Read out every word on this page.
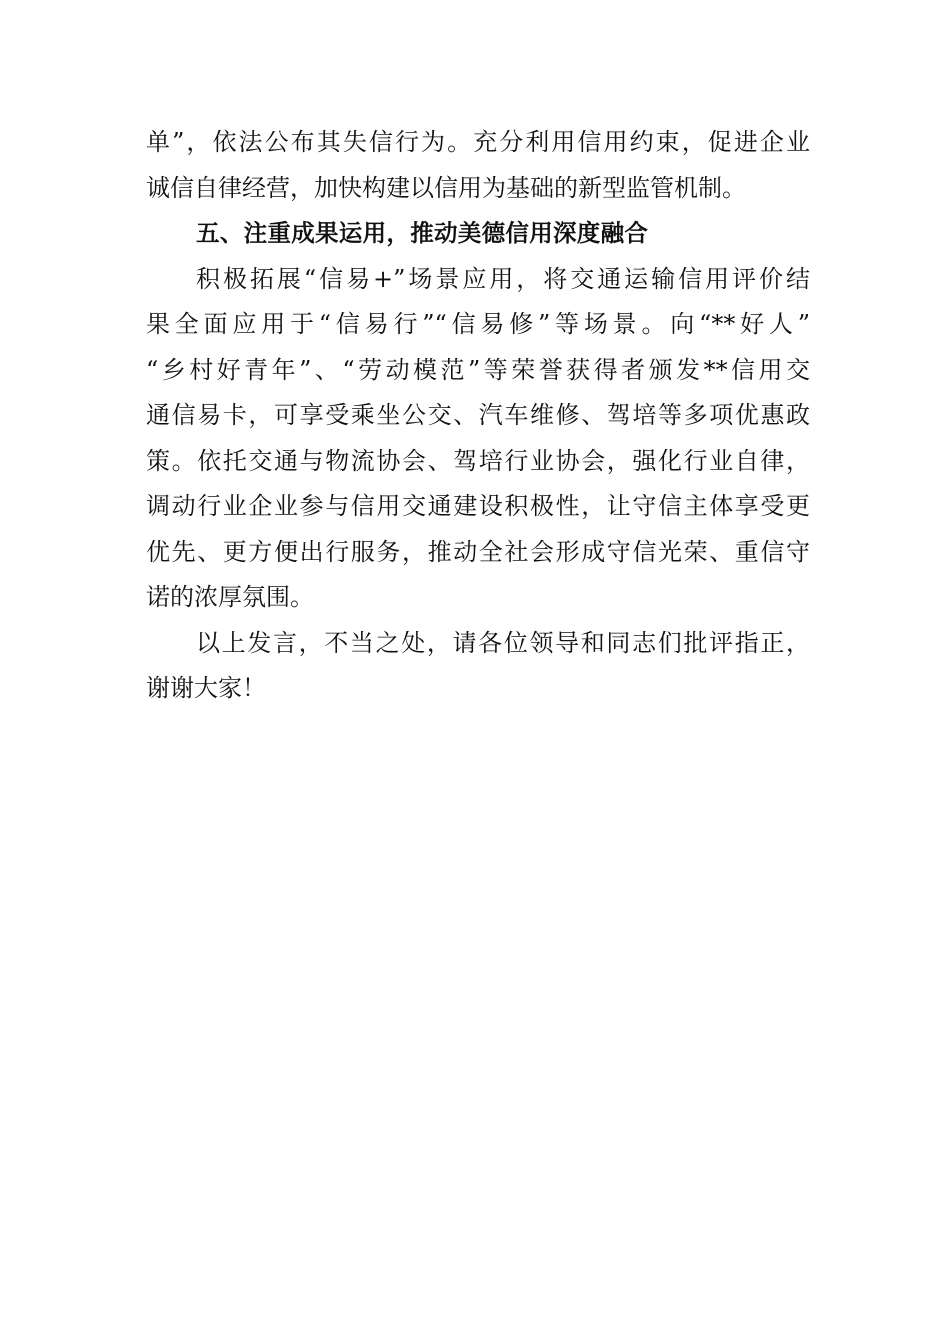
单”，依法公布其失信行为。充分利用信用约束，促进企业
诚信自律经营，加快构建以信用为基础的新型监管机制。
五、注重成果运用，推动美德信用深度融合
积极拓展“信易+”场景应用，将交通运输信用评价结
果全面应用于“信易行”“信易修”等场景。向“**好人”
“乡村好青年”、“劳动模范”等荣誉获得者颁发**信用交
通信易卡，可享受乘坐公交、汽车维修、驾培等多项优惠政
策。依托交通与物流协会、驾培行业协会，强化行业自律，
调动行业企业参与信用交通建设积极性，让守信主体享受更
优先、更方便出行服务，推动全社会形成守信光荣、重信守
诺的浓厚氛围。
以上发言，不当之处，请各位领导和同志们批评指正，
谢谢大家！
